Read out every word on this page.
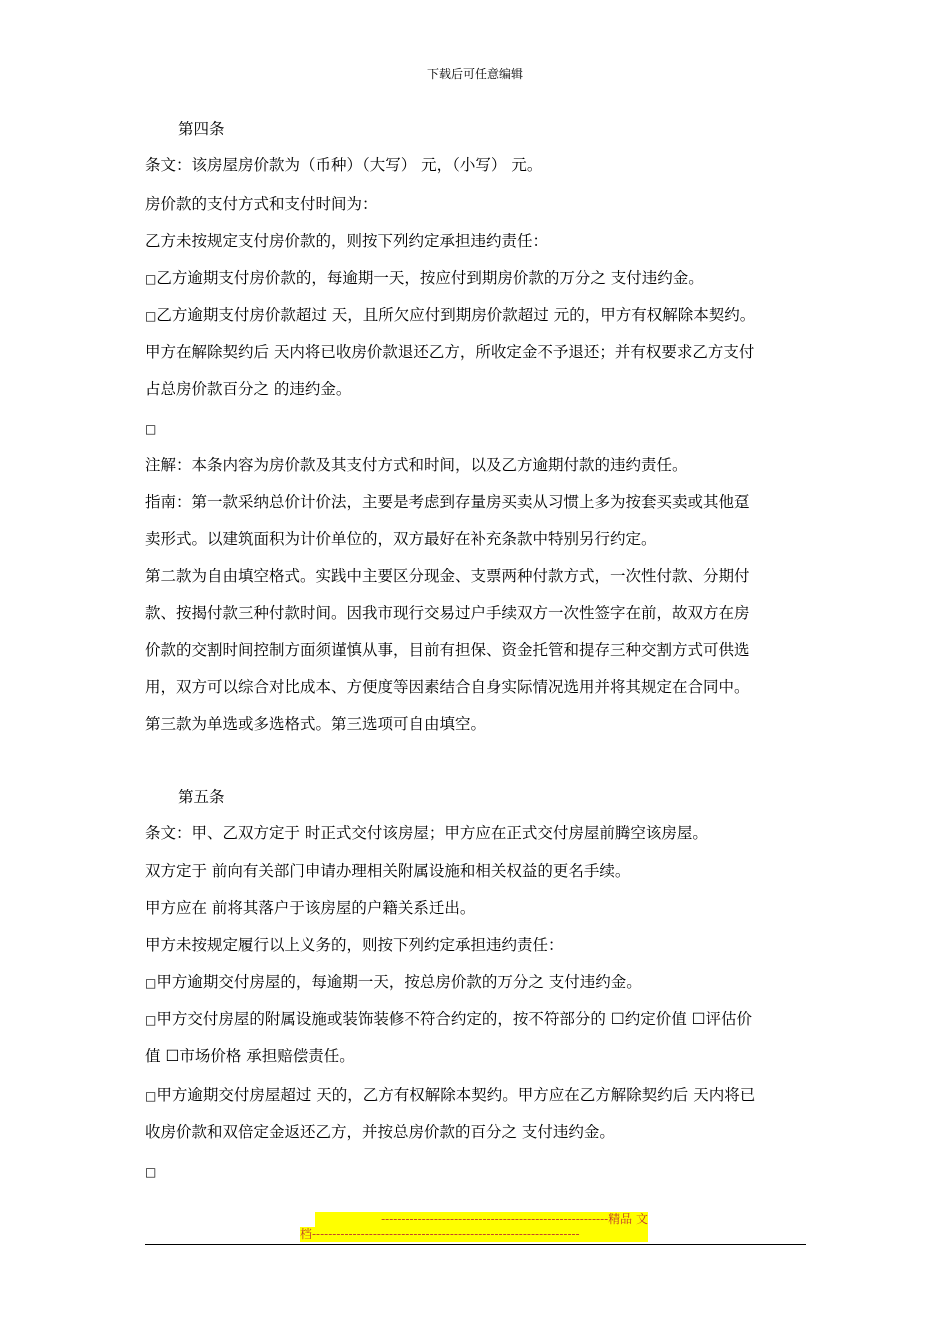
下载后可任意编辑
第四条
条文：该房屋房价款为（币种）（大写） 元，（小写） 元。
房价款的支付方式和支付时间为：
乙方未按规定支付房价款的，则按下列约定承担违约责任：
□乙方逾期支付房价款的，每逾期一天，按应付到期房价款的万分之 支付违约金。
□乙方逾期支付房价款超过 天，且所欠应付到期房价款超过 元的，甲方有权解除本契约。
甲方在解除契约后 天内将已收房价款退还乙方，所收定金不予退还；并有权要求乙方支付
占总房价款百分之 的违约金。
□
注解：本条内容为房价款及其支付方式和时间，以及乙方逾期付款的违约责任。
指南：第一款采纳总价计价法，主要是考虑到存量房买卖从习惯上多为按套买卖或其他趸
卖形式。以建筑面积为计价单位的，双方最好在补充条款中特别另行约定。
第二款为自由填空格式。实践中主要区分现金、支票两种付款方式，一次性付款、分期付
款、按揭付款三种付款时间。因我市现行交易过户手续双方一次性签字在前，故双方在房
价款的交割时间控制方面须谨慎从事，目前有担保、资金托管和提存三种交割方式可供选
用，双方可以综合对比成本、方便度等因素结合自身实际情况选用并将其规定在合同中。
第三款为单选或多选格式。第三选项可自由填空。
第五条
条文：甲、乙双方定于 时正式交付该房屋；甲方应在正式交付房屋前腾空该房屋。
双方定于 前向有关部门申请办理相关附属设施和相关权益的更名手续。
甲方应在 前将其落户于该房屋的户籍关系迁出。
甲方未按规定履行以上义务的，则按下列约定承担违约责任：
□甲方逾期交付房屋的，每逾期一天，按总房价款的万分之 支付违约金。
□甲方交付房屋的附属设施或装饰装修不符合约定的，按不符部分的 ☐约定价值 ☐评估价
值 ☐市场价格 承担赔偿责任。
□甲方逾期交付房屋超过 天的，乙方有权解除本契约。甲方应在乙方解除契约后 天内将已
收房价款和双倍定金返还乙方，并按总房价款的百分之 支付违约金。
□
--------------------------------------------------------精品 文
档------------------------------------------------------------------
